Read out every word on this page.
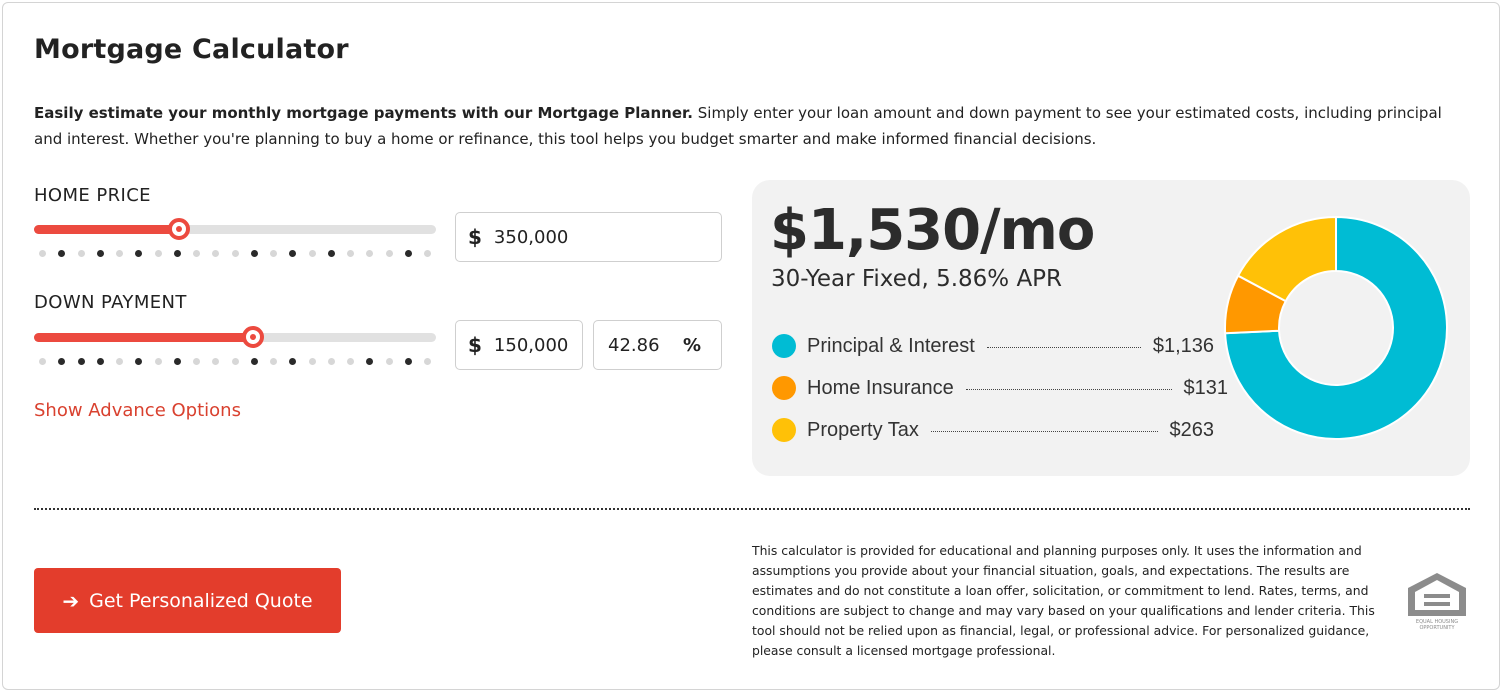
Mortgage Calculator

Easily estimate your monthly mortgage payments with our Mortgage Planner. Simply enter your loan amount and down payment to see your estimated costs, including principal and interest. Whether you're planning to buy a home or refinance, this tool helps you budget smarter and make informed financial decisions.

HOME PRICE
$ 350,000
DOWN PAYMENT
$ 150,000	42.86 %
Show Advance Options
$1,530/mo
30-Year Fixed, 5.86% APR
Principal & Interest	$1,136
Home Insurance	$131
Property Tax	$263
➔ Get Personalized Quote

This calculator is provided for educational and planning purposes only. It uses the information and assumptions you provide about your financial situation, goals, and expectations. The results are estimates and do not constitute a loan offer, solicitation, or commitment to lend. Rates, terms, and conditions are subject to change and may vary based on your qualifications and lender criteria. This tool should not be relied upon as financial, legal, or professional advice. For personalized guidance, please consult a licensed mortgage professional.

EQUAL HOUSING
OPPORTUNITY
